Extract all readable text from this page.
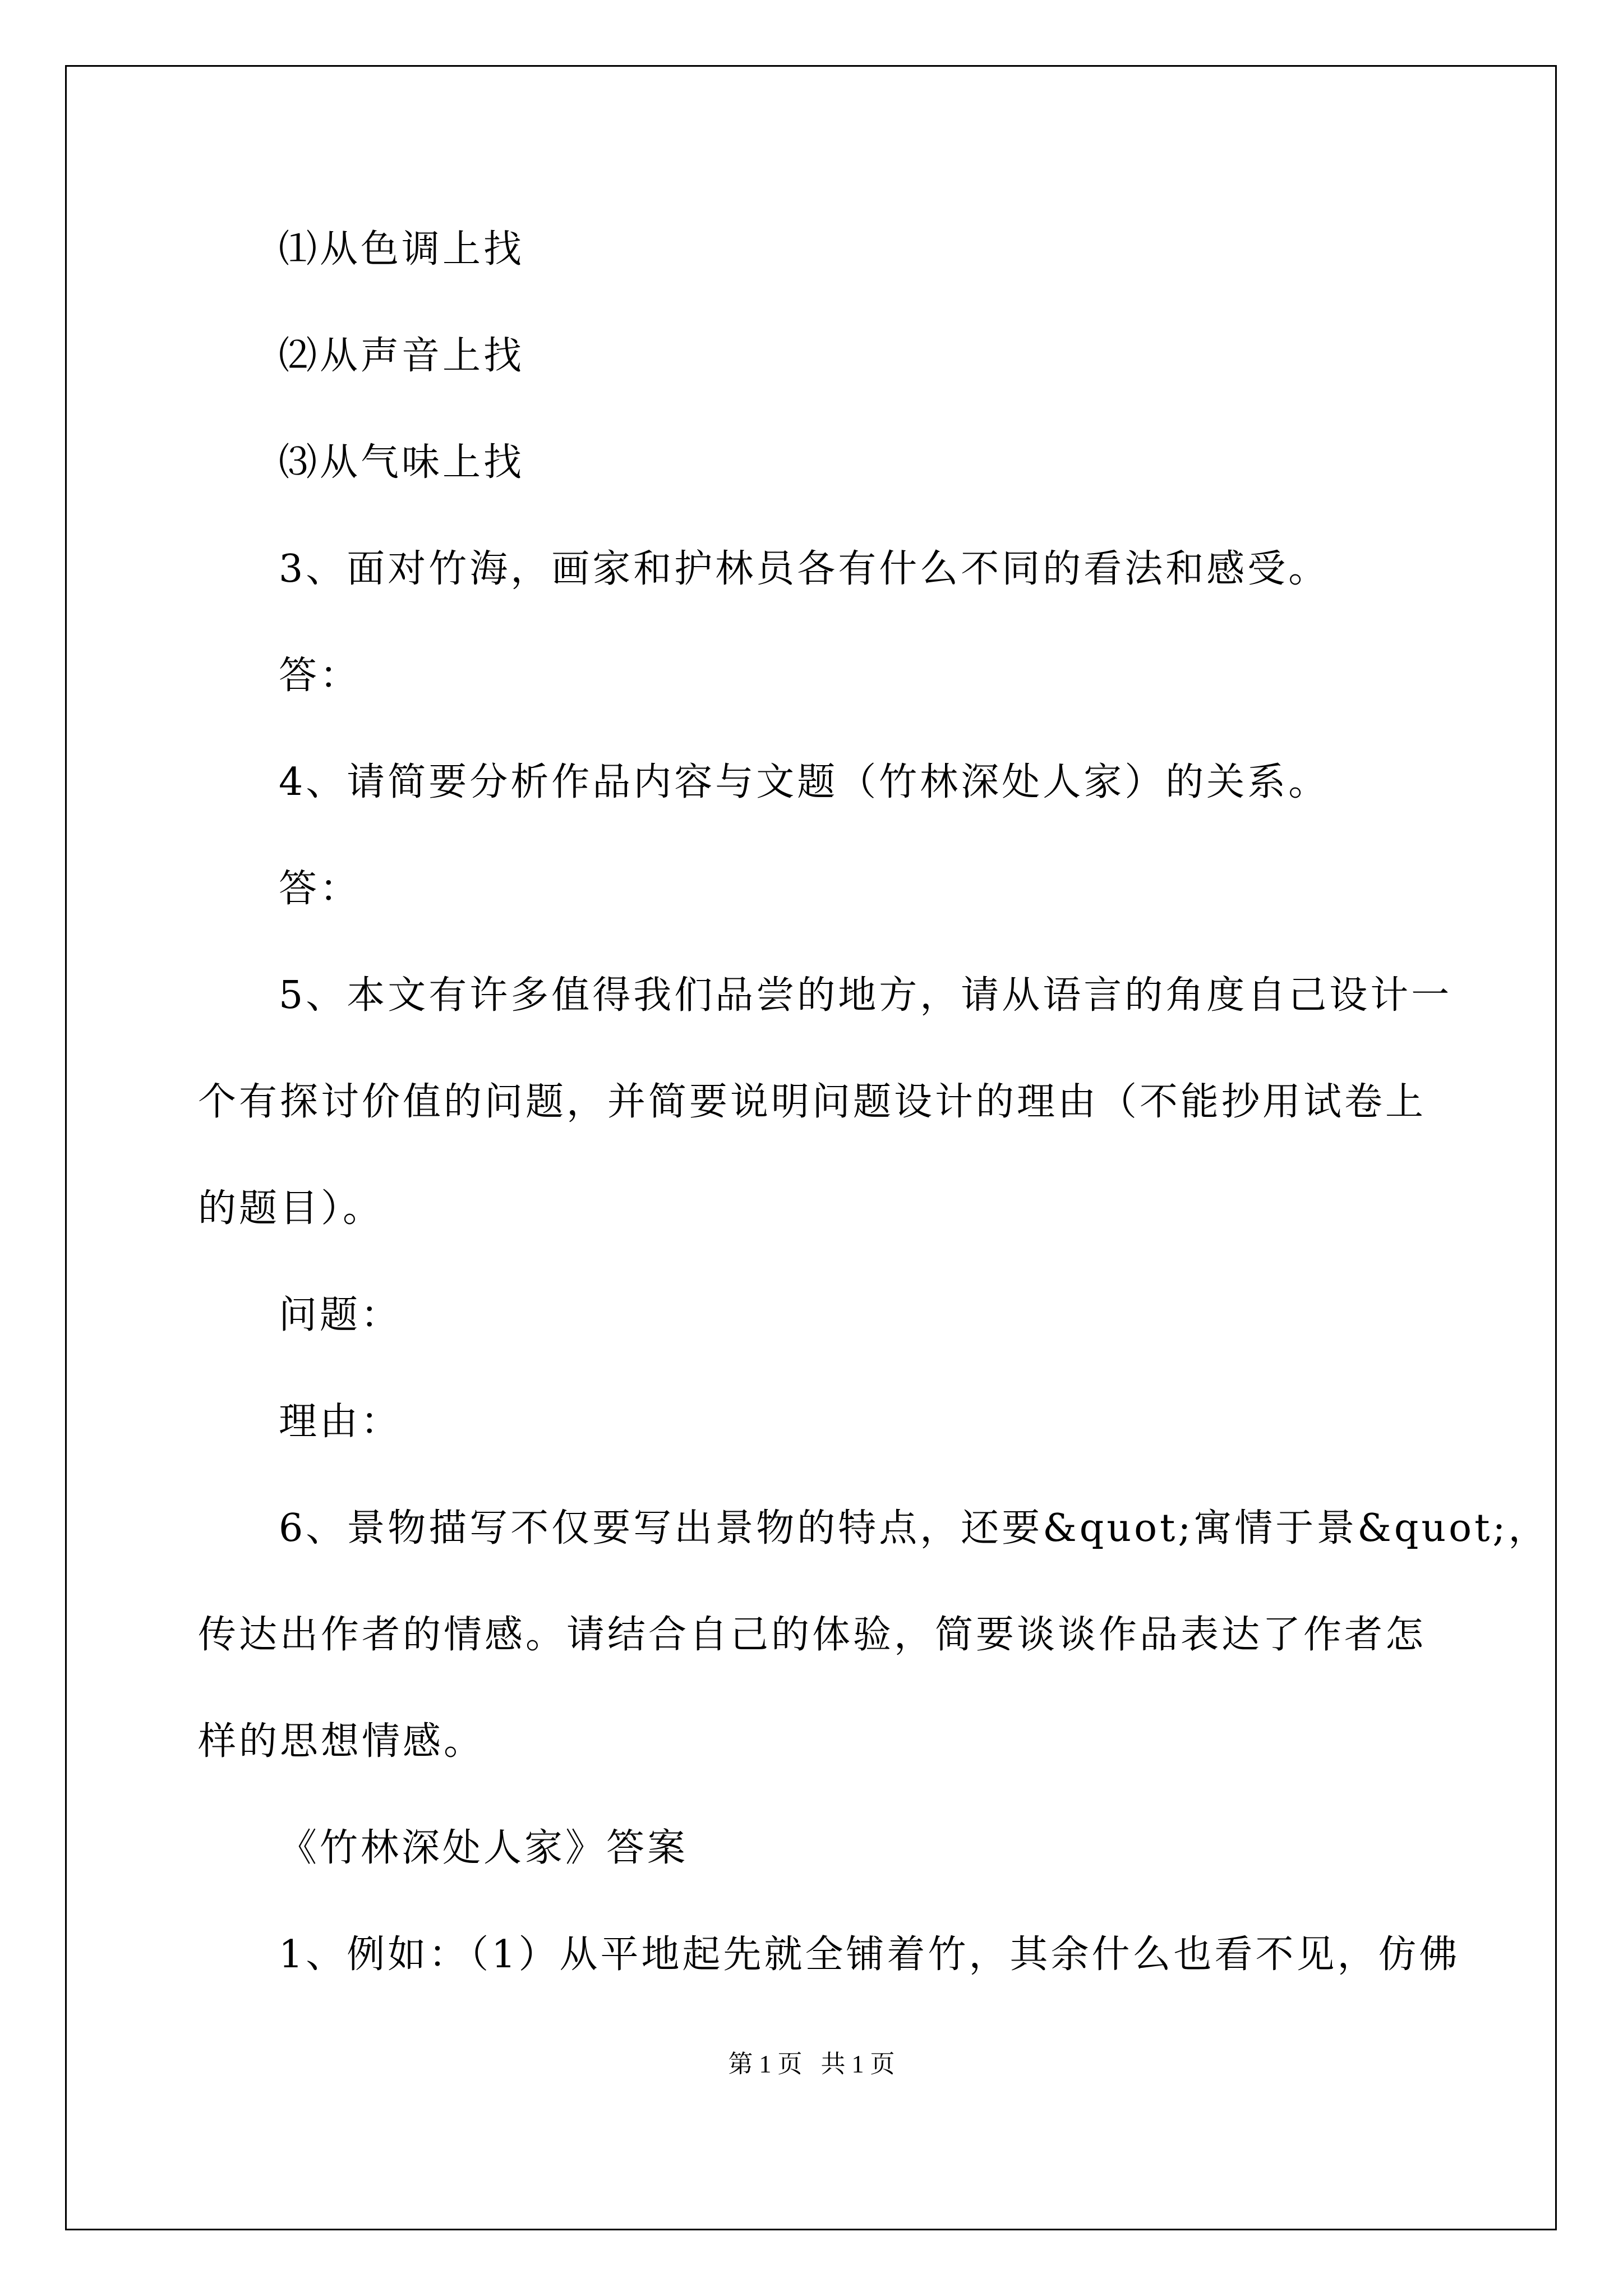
⑴从色调上找
⑵从声音上找
⑶从气味上找
3、面对竹海，画家和护林员各有什么不同的看法和感受。
答：
4、请简要分析作品内容与文题（竹林深处人家）的关系。
答：
5、本文有许多值得我们品尝的地方，请从语言的角度自己设计一
个有探讨价值的问题，并简要说明问题设计的理由（不能抄用试卷上
的题目）。
问题：
理由：
6、景物描写不仅要写出景物的特点，还要&quot;寓情于景&quot;，
传达出作者的情感。请结合自己的体验，简要谈谈作品表达了作者怎
样的思想情感。
《竹林深处人家》答案
1、例如：（1）从平地起先就全铺着竹，其余什么也看不见，仿佛
第 1 页   共 1 页
